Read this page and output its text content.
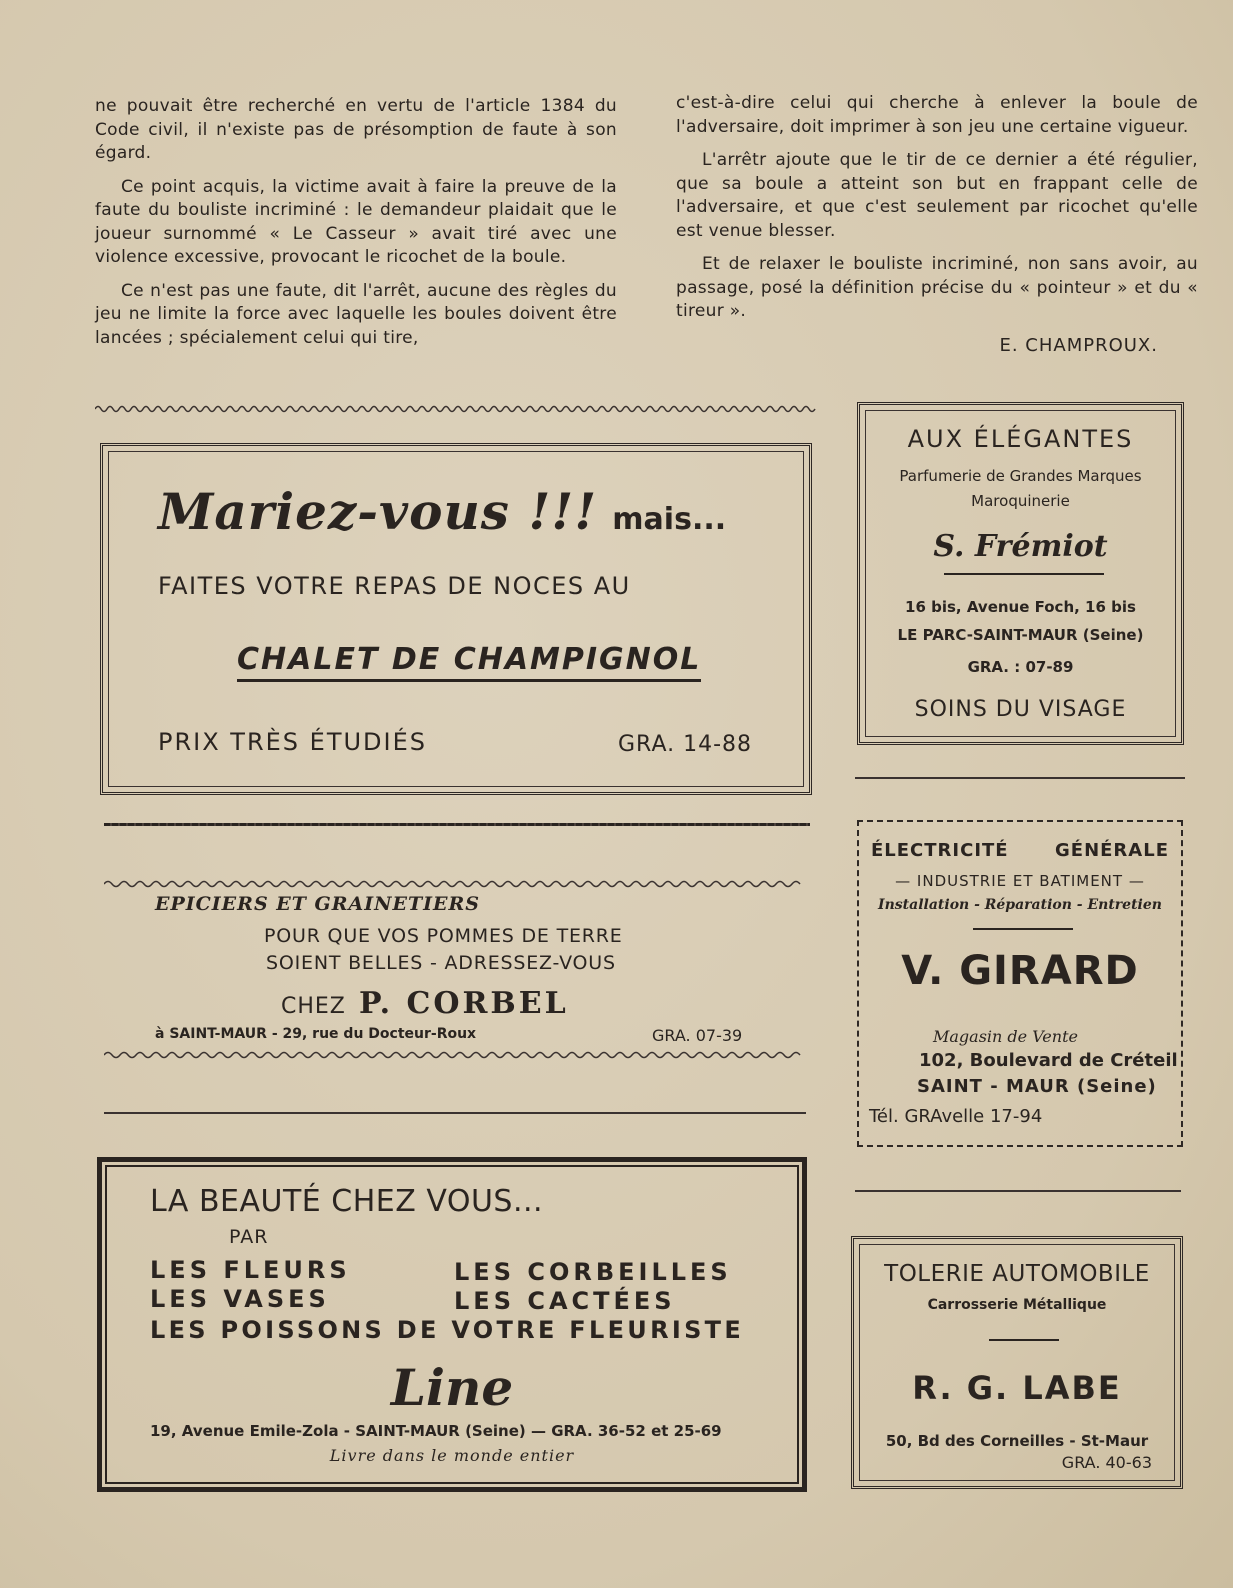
ne pouvait être recherché en vertu de l'article 1384 du Code civil, il n'existe pas de présomption de faute à son égard.

Ce point acquis, la victime avait à faire la preuve de la faute du bouliste incriminé : le demandeur plaidait que le joueur surnommé « Le Casseur » avait tiré avec une violence excessive, provocant le ricochet de la boule.

Ce n'est pas une faute, dit l'arrêt, aucune des règles du jeu ne limite la force avec laquelle les boules doivent être lancées ; spécialement celui qui tire,

c'est-à-dire celui qui cherche à enlever la boule de l'adversaire, doit imprimer à son jeu une certaine vigueur.

L'arrêtr ajoute que le tir de ce dernier a été régulier, que sa boule a atteint son but en frappant celle de l'adversaire, et que c'est seulement par ricochet qu'elle est venue blesser.

Et de relaxer le bouliste incriminé, non sans avoir, au passage, posé la définition précise du « pointeur » et du « tireur ».

E. CHAMPROUX.
Mariez-vous !!! mais...
FAITES VOTRE REPAS DE NOCES AU
CHALET DE CHAMPIGNOL
PRIX TRÈS ÉTUDIÉS	GRA. 14-88
AUX ÉLÉGANTES
Parfumerie de Grandes Marques
Maroquinerie
S. Frémiot
16 bis, Avenue Foch, 16 bis
LE PARC-SAINT-MAUR (Seine)
GRA. : 07-89
SOINS DU VISAGE
EPICIERS ET GRAINETIERS
POUR QUE VOS POMMES DE TERRE
SOIENT BELLES - ADRESSEZ-VOUS
CHEZ P. CORBEL
à SAINT-MAUR - 29, rue du Docteur-Roux	GRA. 07-39
ÉLECTRICITÉ	GÉNÉRALE
— INDUSTRIE ET BATIMENT —
Installation - Réparation - Entretien
V. GIRARD
Magasin de Vente
102, Boulevard de Créteil
SAINT - MAUR (Seine)
Tél. GRAvelle 17-94
LA BEAUTÉ CHEZ VOUS...
PAR
LES FLEURS
LES VASES
LES CORBEILLES
LES CACTÉES
LES POISSONS DE VOTRE FLEURISTE
Line
19, Avenue Emile-Zola - SAINT-MAUR (Seine) — GRA. 36-52 et 25-69
Livre dans le monde entier
TOLERIE AUTOMOBILE
Carrosserie Métallique
R. G. LABE
50, Bd des Corneilles - St-Maur
GRA. 40-63
